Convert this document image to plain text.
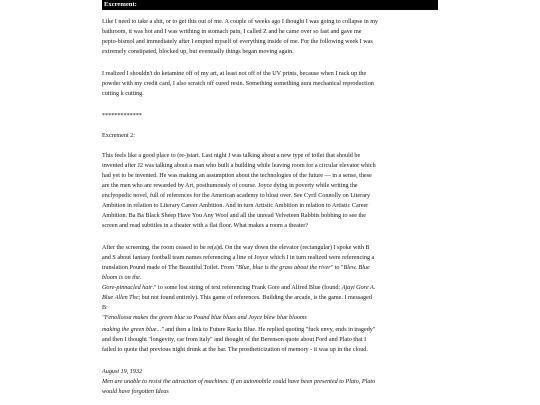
Excrement:
Like I need to take a shit, or to get this out of me. A couple of weeks ago I thought I was going to collapse in my
bathroom, it was hot and I was writhing in stomach pain, I called Z and he came over so fast and gave me
pepto-bismol and immediately after I empted myself of everything inside of me. For the following week I was
extremely constipated, blocked up, but eventually things began moving again.
I realized I shouldn't do ketamine off of my art, at least not off of the UV prints, because when I rack up the
powder with my credit card, I also scratch off cured resin. Something something aura mechanical reproduction
cutting k cutting.
*************
Excrement 2:
This feels like a good place to (re-)start. Last night J was talking about a new type of toilet that should be
invented after J2 was talking about a man who built a building while leaving room for a circular elevator which
had yet to be invented. He was making an assumption about the technologies of the future — in a sense, these
are the men who are rewarded by Art, posthumously of course. Joyce dying in poverty while writing the
enclyopedic novel, full of references for the American academy to bloat over. See Cyril Connolly on Literary
Ambition in relation to Literary Career Ambition. And in turn Artistic Ambition in relation to Artistic Career
Ambition. Ba Ba Black Sheep Have You Any Wool and all the unread Velveteen Rabbits bobbing to see the
screen and read subtitles in a theater with a flat floor. What makes a room a theater?
After the screening, the room ceased to be re(a)d. On the way down the elevator (rectangular) I spoke with B
and S about fantasy football team names referencing a line of Joyce which I in turn realized were referencing a
translation Pound made of The Beautiful Toilet. From "Blue, blue is the grass about the river" to "Blew. Blue
bloom is on the.
Gore-pinnacled hair." to some lost string of text referencing Frank Gore and Alfred Blue (found: Ajayi Gore A.
Blue Allen Thc; but not found entirely). This game of references. Building the arcade, is the game. I messaged
B:
"Fenollossa makes the green blue so Pound blue blues and Joyce blew blue blooms
making the green blue..." and then a link to Future Racks Blue. He replied quoting "fuck envy, ends in tragedy"
and then I thought "longevity, car from italy" and thought of the Berenson quote about Ford and Plato that I
failed to quote that previous night drunk at the bar. The prostheticization of memory - it was up in the cloud.
August 19, 1932
Men are unable to resist the attraction of machines. If an automobile could have been presented to Plato, Plato
would have forgotten Ideas
